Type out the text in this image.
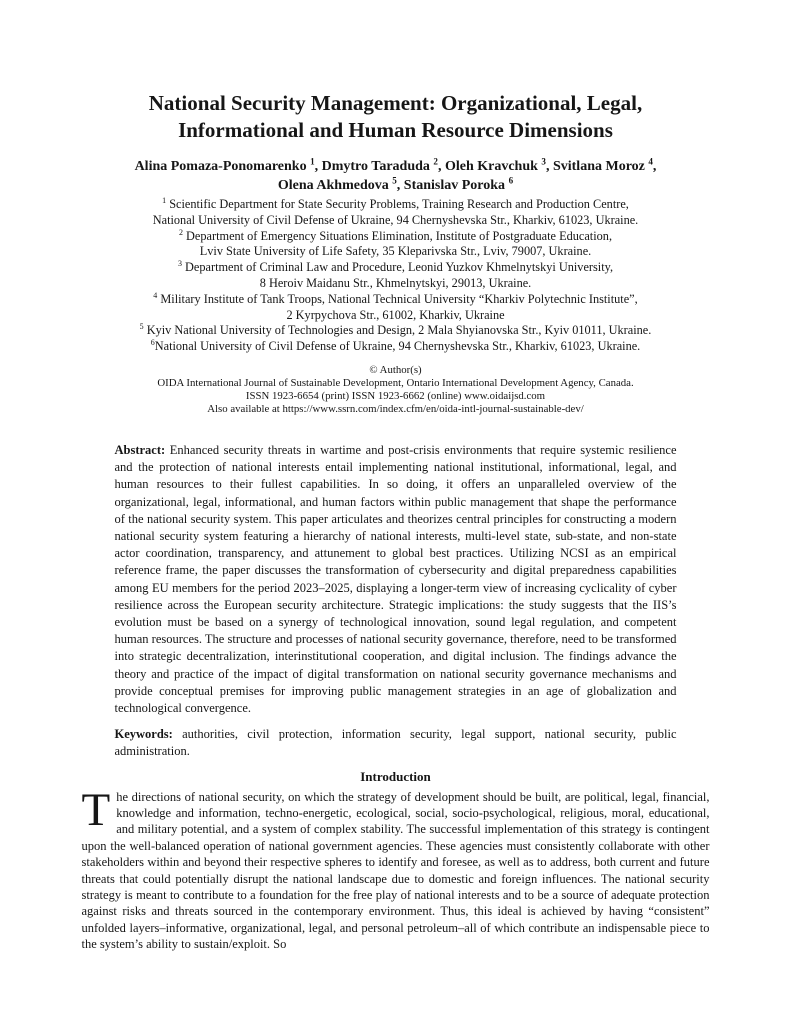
National Security Management: Organizational, Legal,
Informational and Human Resource Dimensions
Alina Pomaza-Ponomarenko $^1$, Dmytro Taraduda $^2$, Oleh Kravchuk $^3$, Svitlana Moroz $^4$,
Olena Akhmedova $^5$, Stanislav Poroka $^6$
$^1$ Scientific Department for State Security Problems, Training Research and Production Centre,
National University of Civil Defense of Ukraine, 94 Chernyshevska Str., Kharkiv, 61023, Ukraine.
$^2$ Department of Emergency Situations Elimination, Institute of Postgraduate Education,
Lviv State University of Life Safety, 35 Kleparivska Str., Lviv, 79007, Ukraine.
$^3$ Department of Criminal Law and Procedure, Leonid Yuzkov Khmelnytskyi University,
8 Heroiv Maidanu Str., Khmelnytskyi, 29013, Ukraine.
$^4$ Military Institute of Tank Troops, National Technical University “Kharkiv Polytechnic Institute”,
2 Kyrpychova Str., 61002, Kharkiv, Ukraine
$^5$ Kyiv National University of Technologies and Design, 2 Mala Shyianovska Str., Kyiv 01011, Ukraine.
$^6$National University of Civil Defense of Ukraine, 94 Chernyshevska Str., Kharkiv, 61023, Ukraine.
© Author(s)
OIDA International Journal of Sustainable Development, Ontario International Development Agency, Canada.
ISSN 1923-6654 (print) ISSN 1923-6662 (online) www.oidaijsd.com
Also available at https://www.ssrn.com/index.cfm/en/oida-intl-journal-sustainable-dev/

Abstract: Enhanced security threats in wartime and post-crisis environments that require systemic resilience and the protection of national interests entail implementing national institutional, informational, legal, and human resources to their fullest capabilities. In so doing, it offers an unparalleled overview of the organizational, legal, informational, and human factors within public management that shape the performance of the national security system. This paper articulates and theorizes central principles for constructing a modern national security system featuring a hierarchy of national interests, multi-level state, sub-state, and non-state actor coordination, transparency, and attunement to global best practices. Utilizing NCSI as an empirical reference frame, the paper discusses the transformation of cybersecurity and digital preparedness capabilities among EU members for the period 2023–2025, displaying a longer-term view of increasing cyclicality of cyber resilience across the European security architecture. Strategic implications: the study suggests that the IIS’s evolution must be based on a synergy of technological innovation, sound legal regulation, and competent human resources. The structure and processes of national security governance, therefore, need to be transformed into strategic decentralization, interinstitutional cooperation, and digital inclusion. The findings advance the theory and practice of the impact of digital transformation on national security governance mechanisms and provide conceptual premises for improving public management strategies in an age of globalization and technological convergence.

Keywords: authorities, civil protection, information security, legal support, national security, public administration.

Introduction

T he directions of national security, on which the strategy of development should be built, are political, legal, financial, knowledge and information, techno-energetic, ecological, social, socio-psychological, religious, moral, educational, and military potential, and a system of complex stability. The successful implementation of this strategy is contingent upon the well-balanced operation of national government agencies. These agencies must consistently collaborate with other stakeholders within and beyond their respective spheres to identify and foresee, as well as to address, both current and future threats that could potentially disrupt the national landscape due to domestic and foreign influences. The national security strategy is meant to contribute to a foundation for the free play of national interests and to be a source of adequate protection against risks and threats sourced in the contemporary environment. Thus, this ideal is achieved by having “consistent” unfolded layers–informative, organizational, legal, and personal petroleum–all of which contribute an indispensable piece to the system’s ability to sustain/exploit. So
